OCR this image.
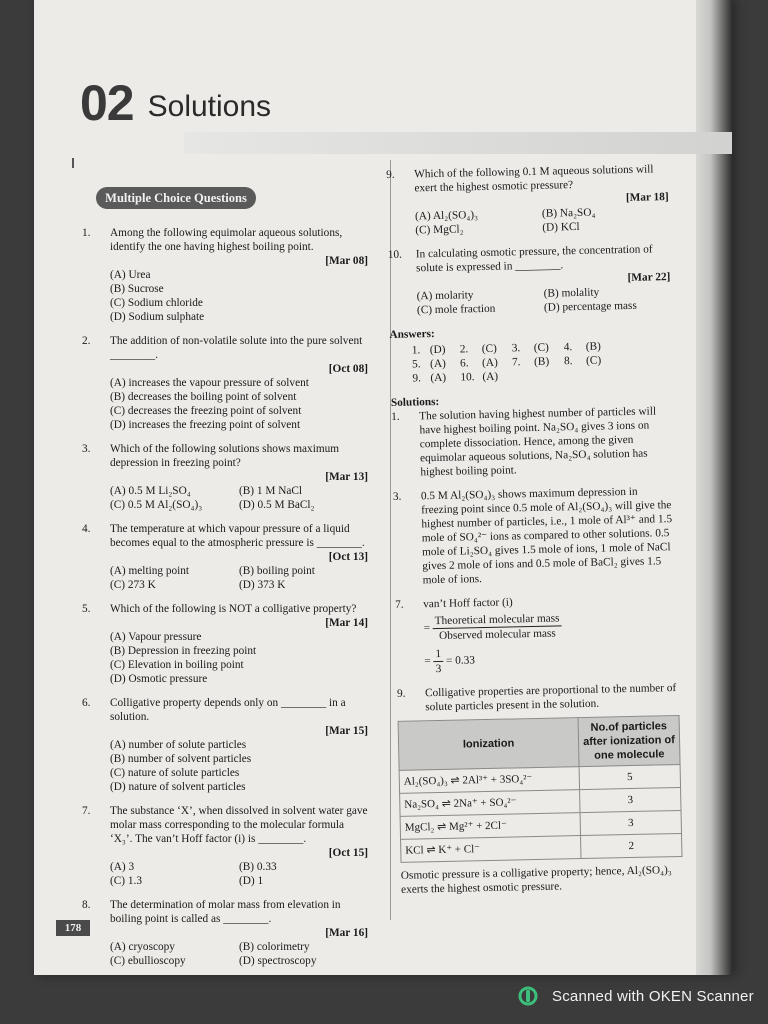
02 Solutions
Multiple Choice Questions
1.	Among the following equimolar aqueous solutions, identify the one having highest boiling point.
[Mar 08]
(A) Urea
(B) Sucrose
(C) Sodium chloride
(D) Sodium sulphate
2.	The addition of non-volatile solute into the pure solvent ________.
[Oct 08]
(A) increases the vapour pressure of solvent
(B) decreases the boiling point of solvent
(C) decreases the freezing point of solvent
(D) increases the freezing point of solvent
3.	Which of the following solutions shows maximum depression in freezing point?
[Mar 13]
(A) 0.5 M Li₂SO₄	(B) 1 M NaCl
(C) 0.5 M Al₂(SO₄)₃	(D) 0.5 M BaCl₂
4.	The temperature at which vapour pressure of a liquid becomes equal to the atmospheric pressure is ________.
[Oct 13]
(A) melting point	(B) boiling point
(C) 273 K	(D) 373 K
5.	Which of the following is NOT a colligative property?
[Mar 14]
(A) Vapour pressure
(B) Depression in freezing point
(C) Elevation in boiling point
(D) Osmotic pressure
6.	Colligative property depends only on ________ in a solution.
[Mar 15]
(A) number of solute particles
(B) number of solvent particles
(C) nature of solute particles
(D) nature of solvent particles
7.	The substance ‘X’, when dissolved in solvent water gave molar mass corresponding to the molecular formula ‘X₃’. The van’t Hoff factor (i) is ________.
[Oct 15]
(A) 3	(B) 0.33
(C) 1.3	(D) 1
8.	The determination of molar mass from elevation in boiling point is called as ________.
[Mar 16]
(A) cryoscopy	(B) colorimetry
(C) ebullioscopy	(D) spectroscopy
9.	Which of the following 0.1 M aqueous solutions will exert the highest osmotic pressure?
[Mar 18]
(A) Al₂(SO₄)₃	(B) Na₂SO₄
(C) MgCl₂	(D) KCl
10.	In calculating osmotic pressure, the concentration of solute is expressed in ________.
[Mar 22]
(A) molarity	(B) molality
(C) mole fraction	(D) percentage mass
Answers:
1. (D)	2.	(C)	3.	(C)	4.	(B)
5. (A)	6.	(A)	7.	(B)	8.	(C)
9. (A)	10. (A)
Solutions:
1.	The solution having highest number of particles will have highest boiling point. Na₂SO₄ gives 3 ions on complete dissociation. Hence, among the given equimolar aqueous solutions, Na₂SO₄ solution has highest boiling point.
3.	0.5 M Al₂(SO₄)₃ shows maximum depression in freezing point since 0.5 mole of Al₂(SO₄)₃ will give the highest number of particles, i.e., 1 mole of Al³⁺ and 1.5 mole of SO₄²⁻ ions as compared to other solutions. 0.5 mole of Li₂SO₄ gives 1.5 mole of ions, 1 mole of NaCl gives 2 mole of ions and 0.5 mole of BaCl₂ gives 1.5 mole of ions.
7.	van’t Hoff factor (i)
= $\frac{\text{Theoretical molecular mass}}{\text{Observed molecular mass}}$
= $\frac{1}{3} = 0.33$
9.	Colligative properties are proportional to the number of solute particles present in the solution.
Ionization	No.of particles after ionization of one molecule
Al₂(SO₄)₃ ⇌ 2Al³⁺ + 3SO₄²⁻	5
Na₂SO₄ ⇌ 2Na⁺ + SO₄²⁻	3
MgCl₂ ⇌ Mg²⁺ + 2Cl⁻	3
KCl ⇌ K⁺ + Cl⁻	2
Osmotic pressure is a colligative property; hence, Al₂(SO₄)₃ exerts the highest osmotic pressure.
178
Scanned with OKEN Scanner
